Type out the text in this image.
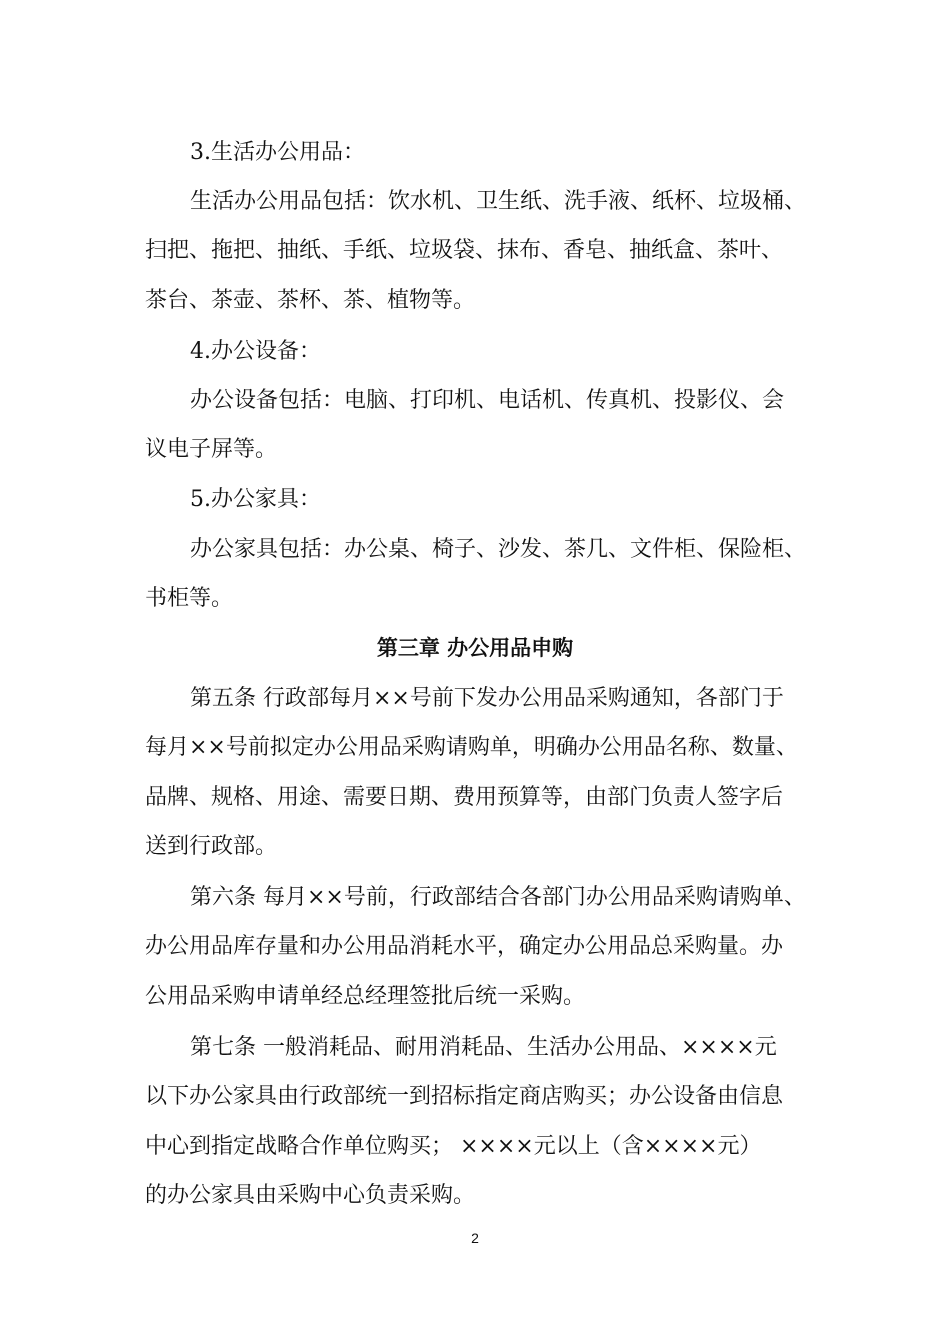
3.生活办公用品：
生活办公用品包括：饮水机、卫生纸、洗手液、纸杯、垃圾桶、
扫把、拖把、抽纸、手纸、垃圾袋、抹布、香皂、抽纸盒、茶叶、
茶台、茶壶、茶杯、茶、植物等。
4.办公设备：
办公设备包括：电脑、打印机、电话机、传真机、投影仪、会
议电子屏等。
5.办公家具：
办公家具包括：办公桌、椅子、沙发、茶几、文件柜、保险柜、
书柜等。
第三章 办公用品申购
第五条 行政部每月××号前下发办公用品采购通知，各部门于
每月××号前拟定办公用品采购请购单，明确办公用品名称、数量、
品牌、规格、用途、需要日期、费用预算等，由部门负责人签字后
送到行政部。
第六条 每月××号前，行政部结合各部门办公用品采购请购单、
办公用品库存量和办公用品消耗水平，确定办公用品总采购量。办
公用品采购申请单经总经理签批后统一采购。
第七条 一般消耗品、耐用消耗品、生活办公用品、××××元
以下办公家具由行政部统一到招标指定商店购买；办公设备由信息
中心到指定战略合作单位购买； ××××元以上（含××××元）
的办公家具由采购中心负责采购。
2
